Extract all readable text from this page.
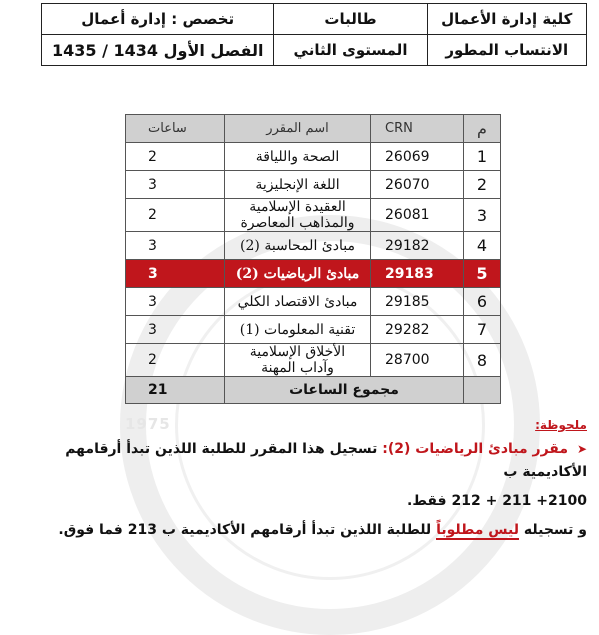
1975
كلية إدارة الأعمال	طالبات	تخصص : إدارة أعمال
الانتساب المطور	المستوى الثاني	الفصل الأول 1434 / 1435
م	CRN	اسم المقرر	ساعات
1	26069	الصحة واللياقة	2
2	26070	اللغة الإنجليزية	3
3	26081	العقيدة الإسلامية والمذاهب المعاصرة	2
4	29182	مبادئ المحاسبة (2)	3
5	29183	مبادئ الرياضيات (2)	3
6	29185	مبادئ الاقتصاد الكلي	3
7	29282	تقنية المعلومات (1)	3
8	28700	الأخلاق الإسلامية وآداب المهنة	2
	مجموع الساعات		21
ملحوظة:
➤ مقرر مبادئ الرياضيات (2): تسجيل هذا المقرر للطلبة اللذين تبدأ أرقامهم الأكاديمية ب
2100+ 211 + 212 فقط.
و تسجيله ليس مطلوباً للطلبة اللذين تبدأ أرقامهم الأكاديمية ب 213 فما فوق.
